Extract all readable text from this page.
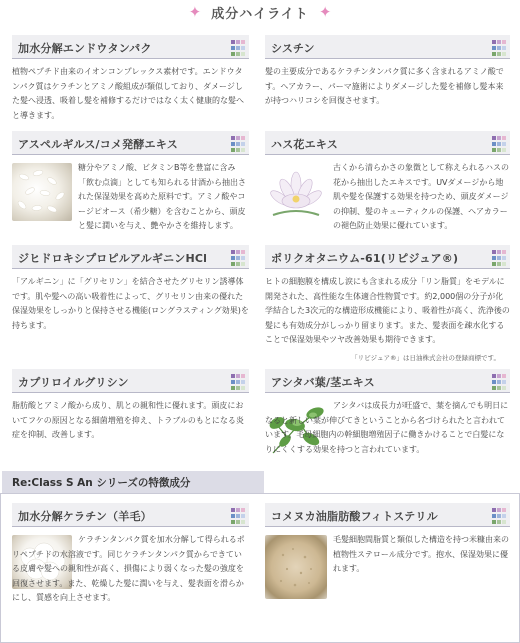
✦ 成分ハイライト ✦
加水分解エンドウタンパク

植物ペプチド由来のイオンコンプレックス素材です。エンドウタンパク質はケラチンとアミノ酸組成が類似しており、ダメージした髪へ浸透、吸着し髪を補修するだけではなく太く健康的な髪へと導きます。

シスチン

髪の主要成分であるケラチンタンパク質に多く含まれるアミノ酸です。ヘアカラー、パーマ施術によりダメージした髪を補修し髪本来が持つハリコシを回復させます。

アスペルギルス/コメ発酵エキス

糖分やアミノ酸、ビタミンB等を豊富に含み「飲む点滴」としても知られる甘酒から抽出された保湿効果を高めた原料です。アミノ酸やコージピオース（希少糖）を含むことから、頭皮と髪に潤いを与え、艶やかさを維持します。

ハス花エキス

古くから清らかさの象徴として称えられるハスの花から抽出したエキスです。UVダメージから地肌や髪を保護する効果を持つため、頭皮ダメージの抑制、髪のキューティクルの保護、ヘアカラーの褪色防止効果に優れています。

ジヒドロキシプロピルアルギニンHCl

「アルギニン」に「グリセリン」を結合させたグリセリン誘導体です。肌や髪への高い吸着性によって、グリセリン由来の優れた保湿効果をしっかりと保持させる機能(ロングラスティング効果)を持ちます。

ポリクオタニウム-61(リピジュア®)

ヒトの細胞膜を構成し涙にも含まれる成分「リン脂質」をモデルに開発された、高性能な生体適合性物質です。約2,000個の分子が化学結合した3次元的な構造形成機能により、吸着性が高く、洗浄後の髪にも有効成分がしっかり留まります。また、髪表面を疎水化することで保湿効果やツヤ改善効果も期待できます。

「リピジュア®」は日油株式会社の登録商標です。
カプリロイルグリシン

脂肪酸とアミノ酸から成り、肌との親和性に優れます。頭皮においてフケの原因となる細菌増殖を抑え、トラブルのもとになる炎症を抑制、改善します。

アシタバ葉/茎エキス

アシタバは成長力が旺盛で、葉を摘んでも明日になると新しい葉が伸びてきということから名づけられたと言われています。毛母細胞内の幹細胞増殖因子に働きかけることで白髪になりにくくする効果を持つと言われています。

Re:Class S An シリーズの特徴成分
加水分解ケラチン（羊毛）

ケラチンタンパク質を加水分解して得られるポリペプチドの水溶液です。同じケラチンタンパク質からできている皮膚や髪への親和性が高く、損傷により弱くなった髪の強度を回復させます。また、乾燥した髪に潤いを与え、髪表面を滑らかにし、質感を向上させます。

コメヌカ油脂肪酸フィトステリル

毛髪細胞間脂質と類似した構造を持つ米糠由来の植物性ステロール成分です。抱水、保湿効果に優れます。
